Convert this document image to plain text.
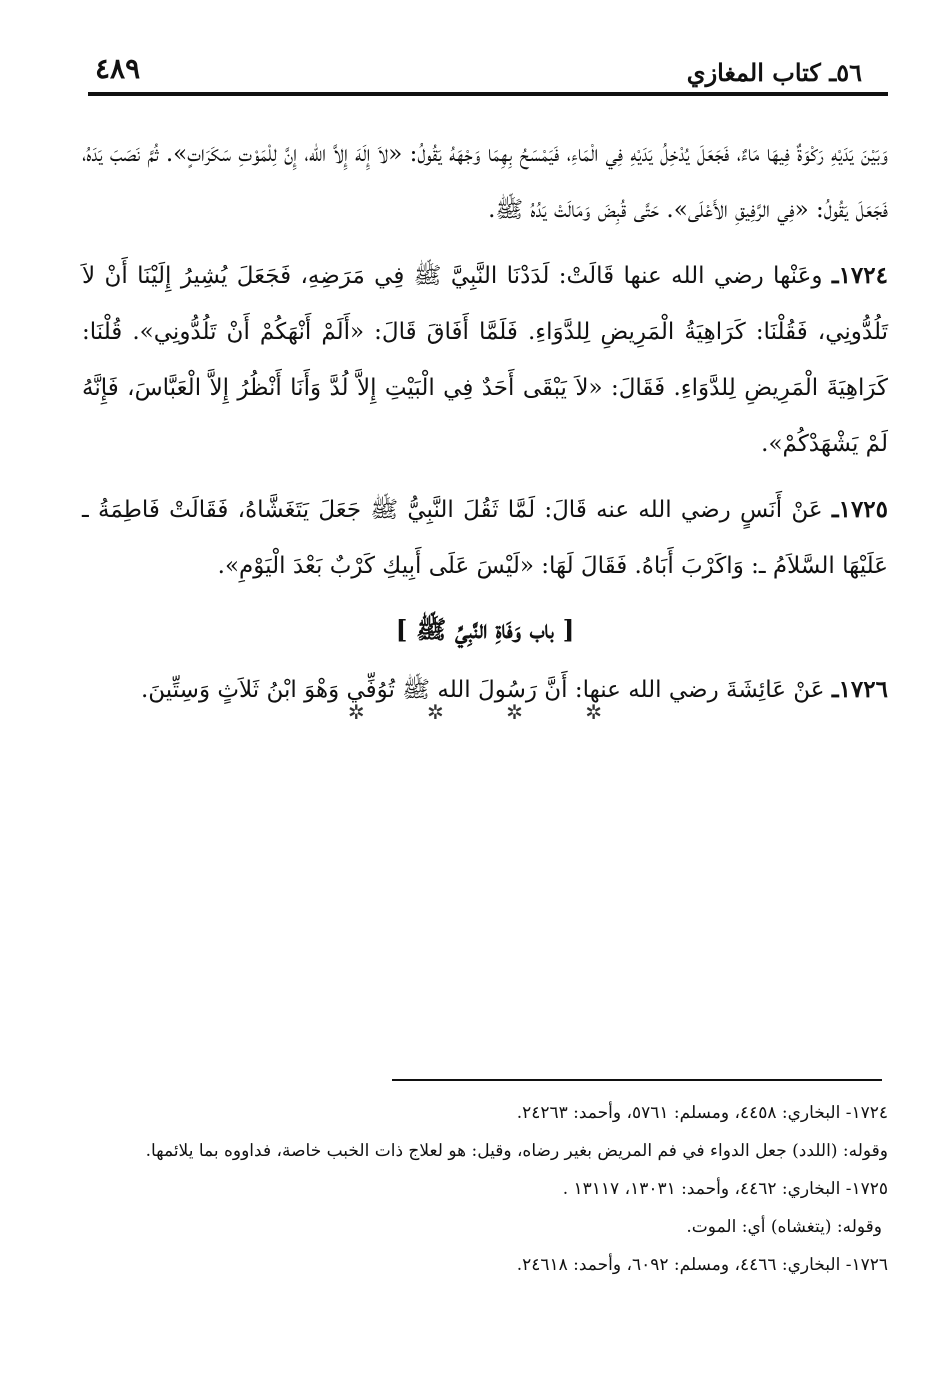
٥٦ـ كتاب المغازي
٤٨٩

وَبَيْنَ يَدَيْهِ رَكْوَةٌ فِيهَا مَاءٌ، فَجَعَلَ يُدْخِلُ يَدَيْهِ فِي الْمَاءِ، فَيَمْسَحُ بِهِمَا وَجْهَهُ يَقُولُ: «لاَ إِلَهَ إِلاَّ الله، إِنَّ لِلْمَوْتِ سَكَرَاتٍ». ثُمَّ نَصَبَ يَدَهُ، فَجَعَلَ يَقُولُ: «فِي الرَّفِيقِ الأَعْلَى». حَتَّى قُبِضَ وَمَالَتْ يَدُهُ ﷺ.

١٧٢٤ـ وعَنْها رضي الله عنها قَالَتْ: لَدَدْنَا النَّبِيَّ ﷺ فِي مَرَضِهِ، فَجَعَلَ يُشِيرُ إِلَيْنَا أَنْ لاَ تَلُدُّونِي، فَقُلْنَا: كَرَاهِيَةُ الْمَرِيضِ لِلدَّوَاءِ. فَلَمَّا أَفَاقَ قَالَ: «أَلَمْ أَنْهَكُمْ أَنْ تَلُدُّونِي». قُلْنَا: كَرَاهِيَةَ الْمَرِيضِ لِلدَّوَاءِ. فَقَالَ: «لاَ يَبْقَى أَحَدٌ فِي الْبَيْتِ إِلاَّ لُدَّ وَأَنَا أَنْظُرُ إِلاَّ الْعَبَّاسَ، فَإِنَّهُ لَمْ يَشْهَدْكُمْ».

١٧٢٥ـ عَنْ أَنَسٍ رضي الله عنه قَالَ: لَمَّا ثَقُلَ النَّبِيُّ ﷺ جَعَلَ يَتَغَشَّاهُ، فَقَالَتْ فَاطِمَةُ ـ عَلَيْهَا السَّلاَمُ ـ: وَاكَرْبَ أَبَاهُ. فَقَالَ لَهَا: «لَيْسَ عَلَى أَبِيكِ كَرْبٌ بَعْدَ الْيَوْمِ».

[ باب وَفَاةِ النَّبِيِّ ﷺ ]

١٧٢٦ـ عَنْ عَائِشَةَ رضي الله عنها: أَنَّ رَسُولَ الله ﷺ تُوُفِّي وَهْوَ ابْنُ ثَلاَثٍ وَسِتِّينَ.

✲	✲	✲	✲

١٧٢٤- البخاري: ٤٤٥٨، ومسلم: ٥٧٦١، وأحمد: ٢٤٢٦٣.

وقوله: (اللدد) جعل الدواء في فم المريض بغير رضاه، وقيل: هو لعلاج ذات الخبب خاصة، فداووه بما يلائمها.

١٧٢٥- البخاري: ٤٤٦٢، وأحمد: ١٣٠٣١، ١٣١١٧ .

وقوله: (يتغشاه) أي: الموت.

١٧٢٦- البخاري: ٤٤٦٦، ومسلم: ٦٠٩٢، وأحمد: ٢٤٦١٨.
